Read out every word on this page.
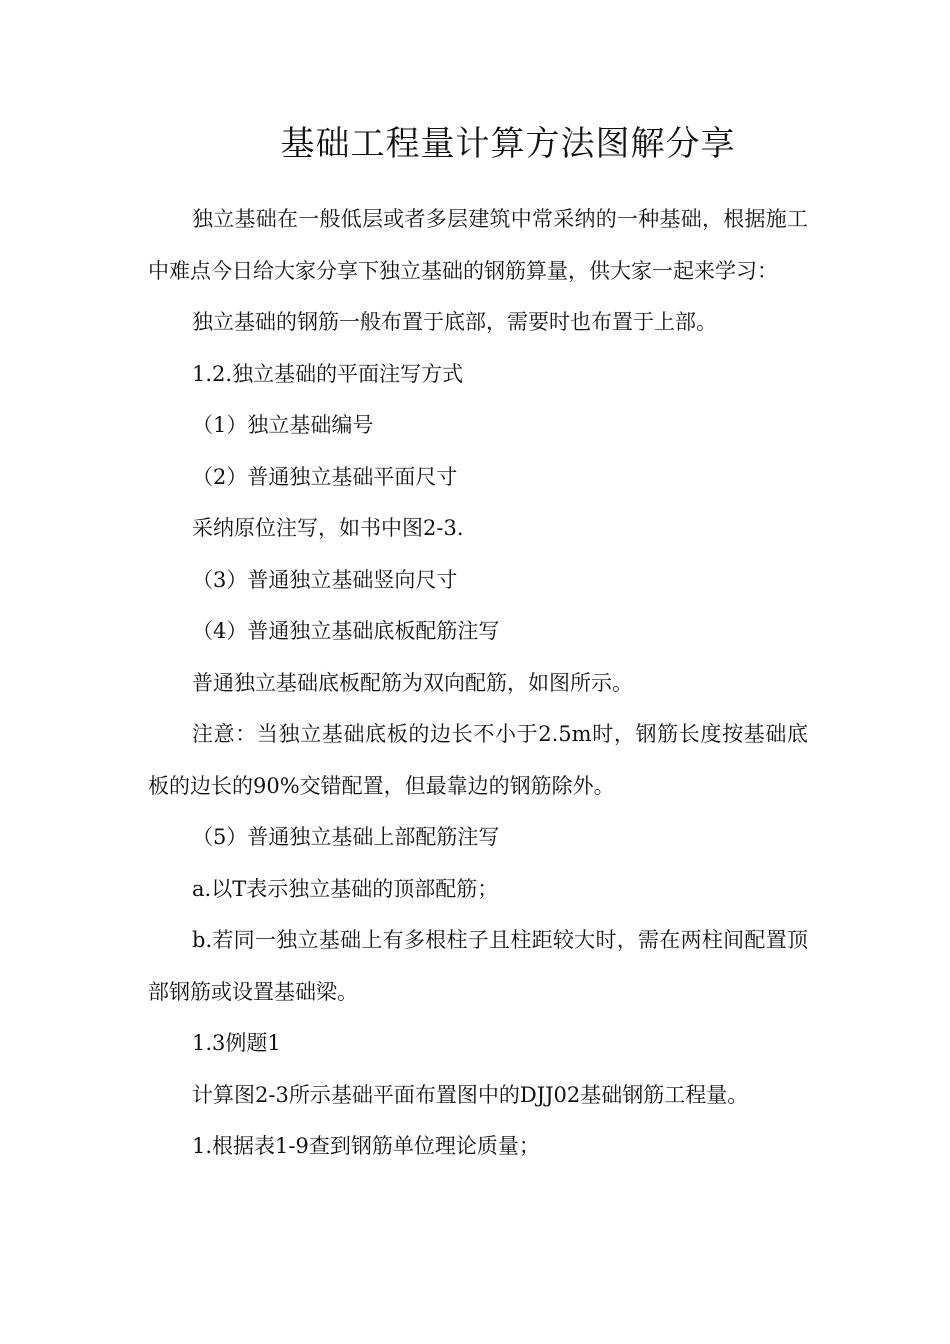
基础工程量计算方法图解分享

独立基础在一般低层或者多层建筑中常采纳的一种基础，根据施工中难点今日给大家分享下独立基础的钢筋算量，供大家一起来学习：

独立基础的钢筋一般布置于底部，需要时也布置于上部。

1.2.独立基础的平面注写方式

（1）独立基础编号

（2）普通独立基础平面尺寸

采纳原位注写，如书中图2-3.

（3）普通独立基础竖向尺寸

（4）普通独立基础底板配筋注写

普通独立基础底板配筋为双向配筋，如图所示。

注意：当独立基础底板的边长不小于2.5m时，钢筋长度按基础底板的边长的90%交错配置，但最靠边的钢筋除外。

（5）普通独立基础上部配筋注写

a.以T表示独立基础的顶部配筋；

b.若同一独立基础上有多根柱子且柱距较大时，需在两柱间配置顶部钢筋或设置基础梁。

1.3例题1

计算图2-3所示基础平面布置图中的DJJ02基础钢筋工程量。

1.根据表1-9查到钢筋单位理论质量；
